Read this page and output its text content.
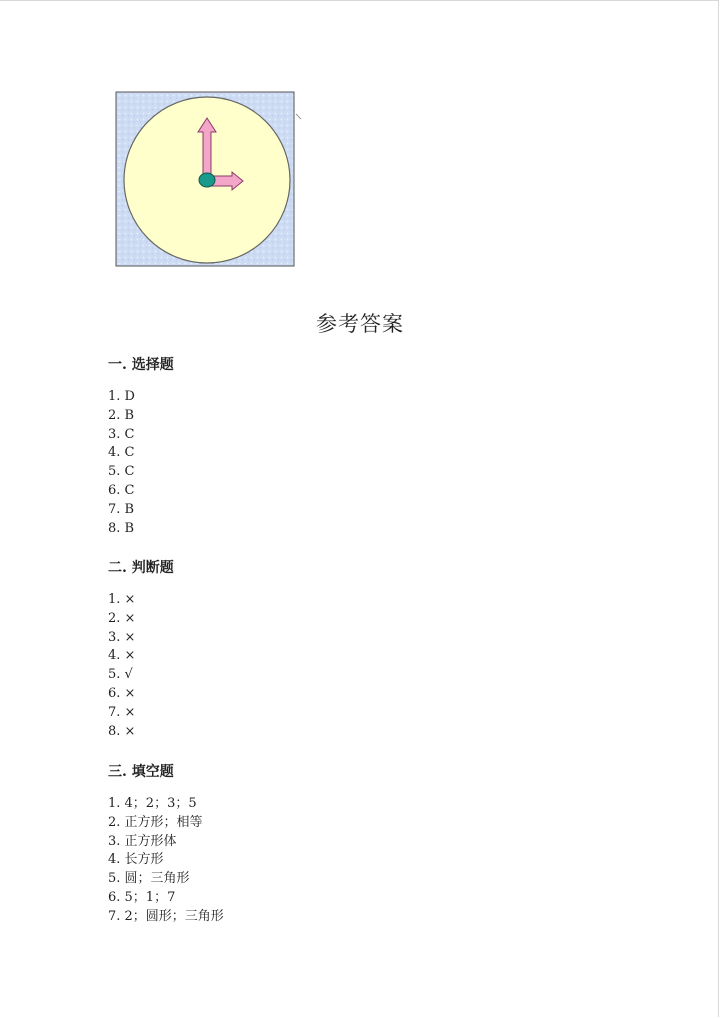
参考答案
一. 选择题
1. D
2. B
3. C
4. C
5. C
6. C
7. B
8. B
二. 判断题
1. ×
2. ×
3. ×
4. ×
5. √
6. ×
7. ×
8. ×
三. 填空题
1. 4；2；3；5
2. 正方形；相等
3. 正方形体
4. 长方形
5. 圆；三角形
6. 5；1；7
7. 2；圆形；三角形
